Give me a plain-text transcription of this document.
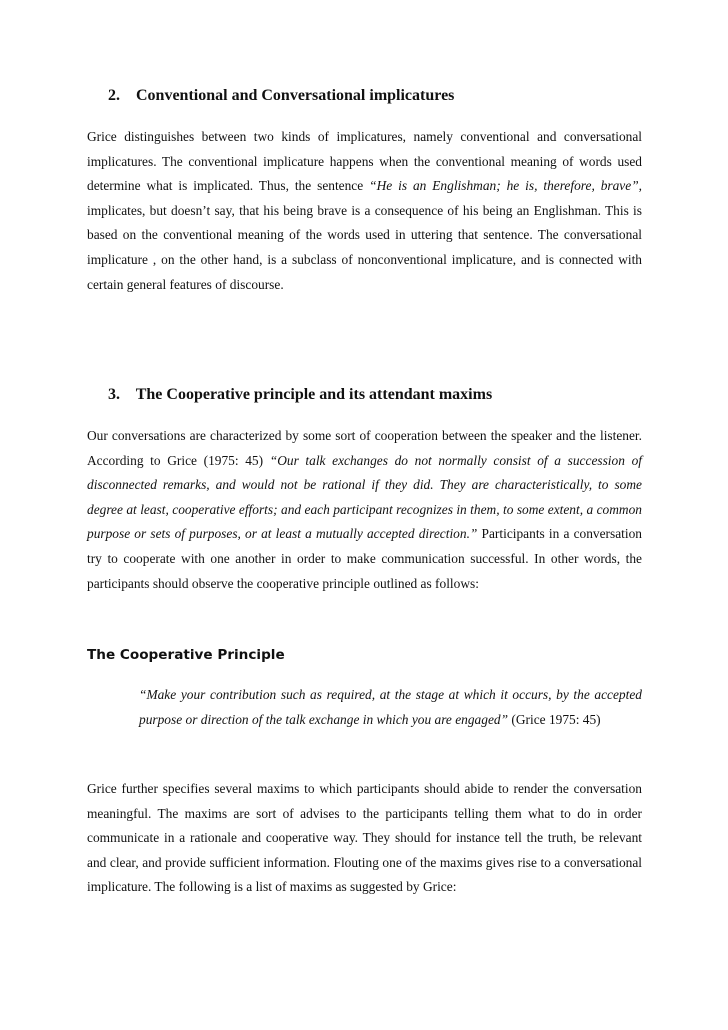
2. Conventional and Conversational implicatures

Grice distinguishes between two kinds of implicatures, namely conventional and conversational implicatures. The conventional implicature happens when the conventional meaning of words used determine what is implicated. Thus, the sentence “He is an Englishman; he is, therefore, brave”, implicates, but doesn’t say, that his being brave is a consequence of his being an Englishman. This is based on the conventional meaning of the words used in uttering that sentence. The conversational implicature , on the other hand, is a subclass of nonconventional implicature, and is connected with certain general features of discourse.

3. The Cooperative principle and its attendant maxims

Our conversations are characterized by some sort of cooperation between the speaker and the listener. According to Grice (1975: 45) “Our talk exchanges do not normally consist of a succession of disconnected remarks, and would not be rational if they did. They are characteristically, to some degree at least, cooperative efforts; and each participant recognizes in them, to some extent, a common purpose or sets of purposes, or at least a mutually accepted direction.” Participants in a conversation try to cooperate with one another in order to make communication successful. In other words, the participants should observe the cooperative principle outlined as follows:

The Cooperative Principle

“Make your contribution such as required, at the stage at which it occurs, by the accepted purpose or direction of the talk exchange in which you are engaged” (Grice 1975: 45)

Grice further specifies several maxims to which participants should abide to render the conversation meaningful. The maxims are sort of advises to the participants telling them what to do in order communicate in a rationale and cooperative way. They should for instance tell the truth, be relevant and clear, and provide sufficient information. Flouting one of the maxims gives rise to a conversational implicature. The following is a list of maxims as suggested by Grice:
